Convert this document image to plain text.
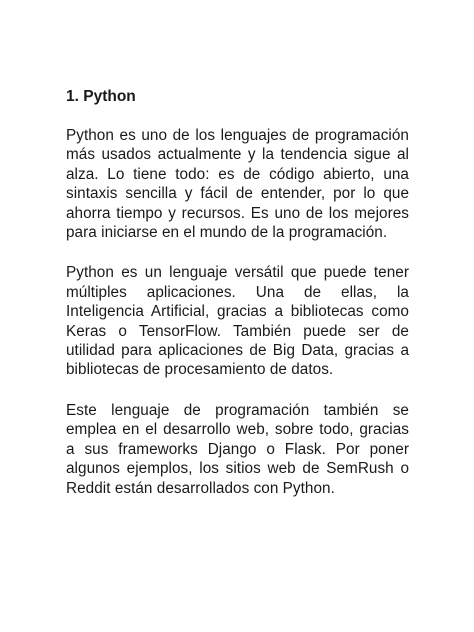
1. Python

Python es uno de los lenguajes de programación más usados actualmente y la tendencia sigue al alza. Lo tiene todo: es de código abierto, una sintaxis sencilla y fácil de entender, por lo que ahorra tiempo y recursos. Es uno de los mejores para iniciarse en el mundo de la programación.

Python es un lenguaje versátil que puede tener múltiples aplicaciones. Una de ellas, la Inteligencia Artificial, gracias a bibliotecas como Keras o TensorFlow. También puede ser de utilidad para aplicaciones de Big Data, gracias a bibliotecas de procesamiento de datos.

Este lenguaje de programación también se emplea en el desarrollo web, sobre todo, gracias a sus frameworks Django o Flask. Por poner algunos ejemplos, los sitios web de SemRush o Reddit están desarrollados con Python.
